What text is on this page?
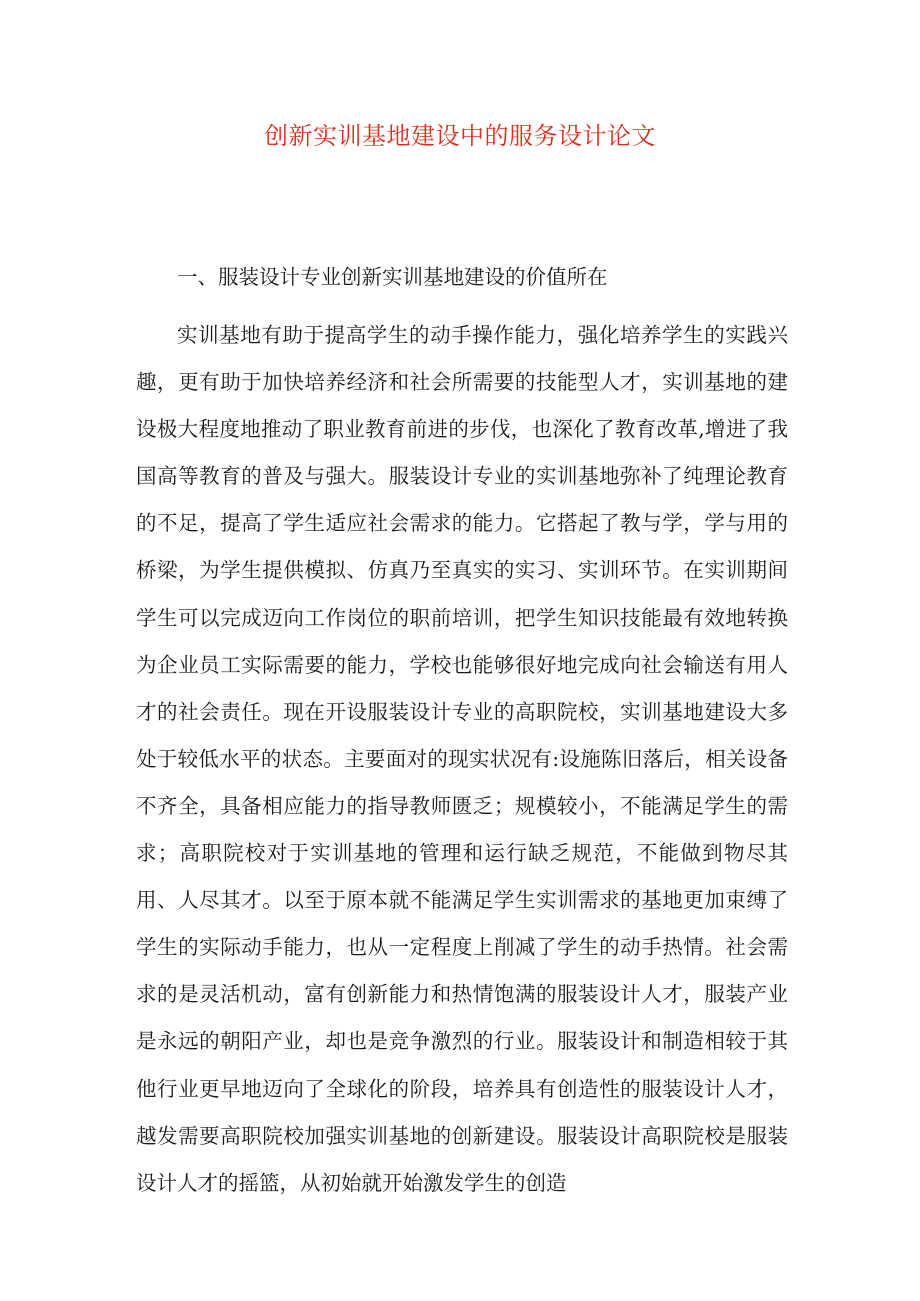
创新实训基地建设中的服务设计论文
一、服装设计专业创新实训基地建设的价值所在

实训基地有助于提高学生的动手操作能力，强化培养学生的实践兴趣，更有助于加快培养经济和社会所需要的技能型人才，实训基地的建设极大程度地推动了职业教育前进的步伐，也深化了教育改革,增进了我国高等教育的普及与强大。服装设计专业的实训基地弥补了纯理论教育的不足，提高了学生适应社会需求的能力。它搭起了教与学，学与用的桥梁，为学生提供模拟、仿真乃至真实的实习、实训环节。在实训期间学生可以完成迈向工作岗位的职前培训，把学生知识技能最有效地转换为企业员工实际需要的能力，学校也能够很好地完成向社会输送有用人才的社会责任。现在开设服装设计专业的高职院校，实训基地建设大多处于较低水平的状态。主要面对的现实状况有:设施陈旧落后，相关设备不齐全，具备相应能力的指导教师匮乏；规模较小，不能满足学生的需求；高职院校对于实训基地的管理和运行缺乏规范，不能做到物尽其用、人尽其才。以至于原本就不能满足学生实训需求的基地更加束缚了学生的实际动手能力，也从一定程度上削减了学生的动手热情。社会需求的是灵活机动，富有创新能力和热情饱满的服装设计人才，服装产业是永远的朝阳产业，却也是竞争激烈的行业。服装设计和制造相较于其他行业更早地迈向了全球化的阶段，培养具有创造性的服装设计人才，越发需要高职院校加强实训基地的创新建设。服装设计高职院校是服装设计人才的摇篮，从初始就开始激发学生的创造
